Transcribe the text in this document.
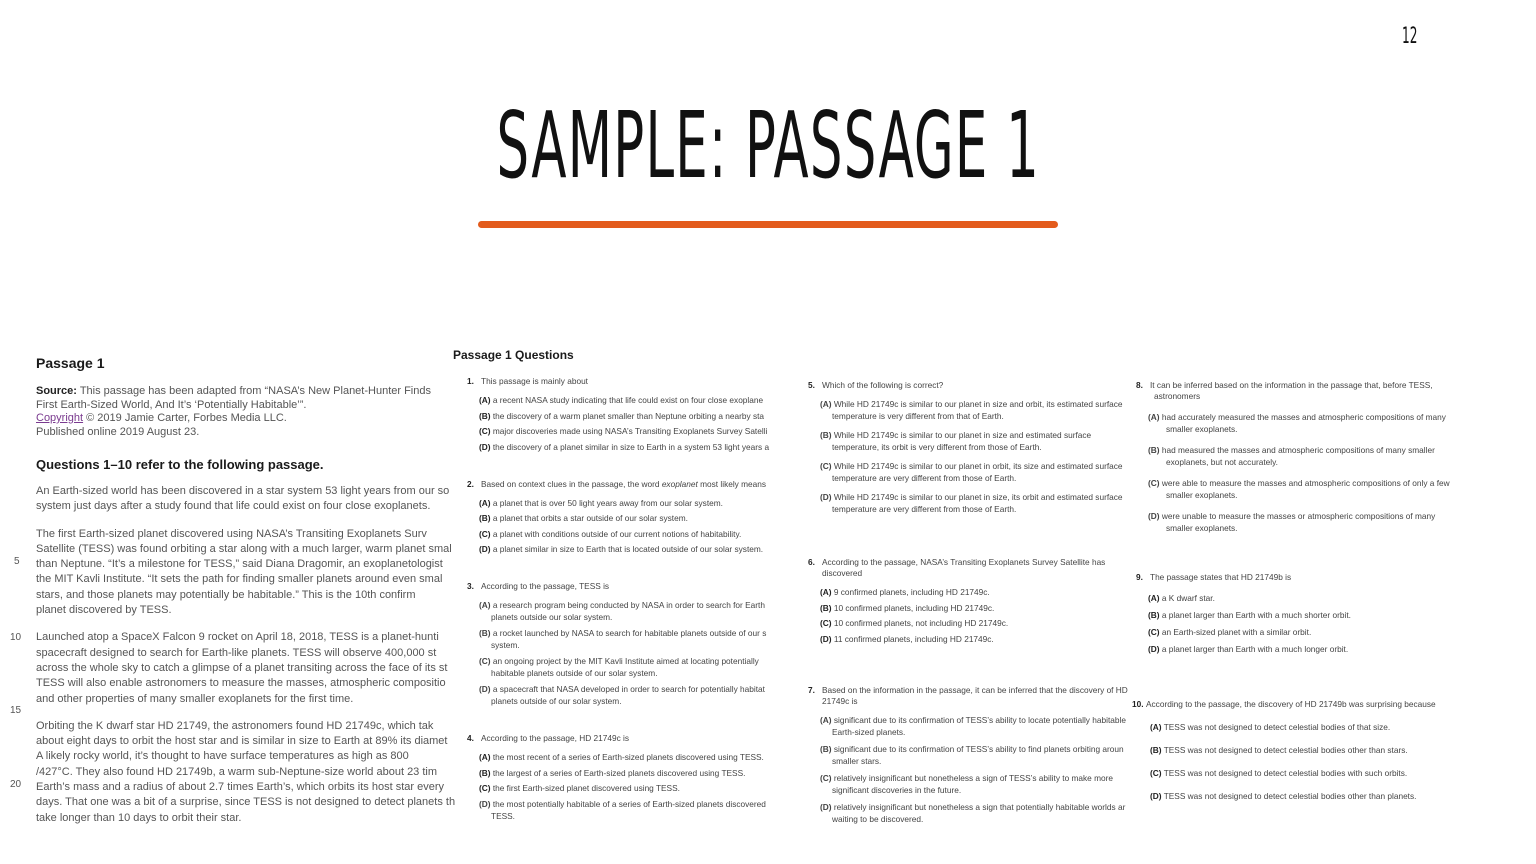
12
SAMPLE: PASSAGE 1
Passage 1
Source: This passage has been adapted from “NASA’s New Planet-Hunter Finds
First Earth-Sized World, And It’s ‘Potentially Habitable’”.
Copyright © 2019 Jamie Carter, Forbes Media LLC.
Published online 2019 August 23.
Questions 1–10 refer to the following passage.

An Earth-sized world has been discovered in a star system 53 light years from our so
system just days after a study found that life could exist on four close exoplanets.

The first Earth-sized planet discovered using NASA’s Transiting Exoplanets Surv
Satellite (TESS) was found orbiting a star along with a much larger, warm planet smal
than Neptune. “It’s a milestone for TESS,” said Diana Dragomir, an exoplanetologist
the MIT Kavli Institute. “It sets the path for finding smaller planets around even smal
stars, and those planets may potentially be habitable.” This is the 10th confirm
planet discovered by TESS.

Launched atop a SpaceX Falcon 9 rocket on April 18, 2018, TESS is a planet-hunti
spacecraft designed to search for Earth-like planets. TESS will observe 400,000 st
across the whole sky to catch a glimpse of a planet transiting across the face of its st
TESS will also enable astronomers to measure the masses, atmospheric compositio
and other properties of many smaller exoplanets for the first time.

Orbiting the K dwarf star HD 21749, the astronomers found HD 21749c, which tak
about eight days to orbit the host star and is similar in size to Earth at 89% its diamet
A likely rocky world, it’s thought to have surface temperatures as high as 800
/427°C. They also found HD 21749b, a warm sub-Neptune-size world about 23 tim
Earth’s mass and a radius of about 2.7 times Earth’s, which orbits its host star every
days. That one was a bit of a surprise, since TESS is not designed to detect planets th
take longer than 10 days to orbit their star.

5
10
15
20
Passage 1 Questions
1. This passage is mainly about
(A) a recent NASA study indicating that life could exist on four close exoplane
(B) the discovery of a warm planet smaller than Neptune orbiting a nearby sta
(C) major discoveries made using NASA’s Transiting Exoplanets Survey Satelli
(D) the discovery of a planet similar in size to Earth in a system 53 light years a
2. Based on context clues in the passage, the word exoplanet most likely means
(A) a planet that is over 50 light years away from our solar system.
(B) a planet that orbits a star outside of our solar system.
(C) a planet with conditions outside of our current notions of habitability.
(D) a planet similar in size to Earth that is located outside of our solar system.
3. According to the passage, TESS is
(A) a research program being conducted by NASA in order to search for Earth
planets outside our solar system.
(B) a rocket launched by NASA to search for habitable planets outside of our s
system.
(C) an ongoing project by the MIT Kavli Institute aimed at locating potentially
habitable planets outside of our solar system.
(D) a spacecraft that NASA developed in order to search for potentially habitat
planets outside of our solar system.
4. According to the passage, HD 21749c is
(A) the most recent of a series of Earth-sized planets discovered using TESS.
(B) the largest of a series of Earth-sized planets discovered using TESS.
(C) the first Earth-sized planet discovered using TESS.
(D) the most potentially habitable of a series of Earth-sized planets discovered
TESS.
5. Which of the following is correct?
(A) While HD 21749c is similar to our planet in size and orbit, its estimated surface
temperature is very different from that of Earth.
(B) While HD 21749c is similar to our planet in size and estimated surface
temperature, its orbit is very different from those of Earth.
(C) While HD 21749c is similar to our planet in orbit, its size and estimated surface
temperature are very different from those of Earth.
(D) While HD 21749c is similar to our planet in size, its orbit and estimated surface
temperature are very different from those of Earth.
6. According to the passage, NASA’s Transiting Exoplanets Survey Satellite has
discovered
(A) 9 confirmed planets, including HD 21749c.
(B) 10 confirmed planets, including HD 21749c.
(C) 10 confirmed planets, not including HD 21749c.
(D) 11 confirmed planets, including HD 21749c.
7. Based on the information in the passage, it can be inferred that the discovery of HD
21749c is
(A) significant due to its confirmation of TESS’s ability to locate potentially habitable
Earth-sized planets.
(B) significant due to its confirmation of TESS’s ability to find planets orbiting aroun
smaller stars.
(C) relatively insignificant but nonetheless a sign of TESS’s ability to make more
significant discoveries in the future.
(D) relatively insignificant but nonetheless a sign that potentially habitable worlds ar
waiting to be discovered.
8. It can be inferred based on the information in the passage that, before TESS,
astronomers
(A) had accurately measured the masses and atmospheric compositions of many
smaller exoplanets.
(B) had measured the masses and atmospheric compositions of many smaller
exoplanets, but not accurately.
(C) were able to measure the masses and atmospheric compositions of only a few
smaller exoplanets.
(D) were unable to measure the masses or atmospheric compositions of many
smaller exoplanets.
9. The passage states that HD 21749b is
(A) a K dwarf star.
(B) a planet larger than Earth with a much shorter orbit.
(C) an Earth-sized planet with a similar orbit.
(D) a planet larger than Earth with a much longer orbit.
10. According to the passage, the discovery of HD 21749b was surprising because
(A) TESS was not designed to detect celestial bodies of that size.
(B) TESS was not designed to detect celestial bodies other than stars.
(C) TESS was not designed to detect celestial bodies with such orbits.
(D) TESS was not designed to detect celestial bodies other than planets.
